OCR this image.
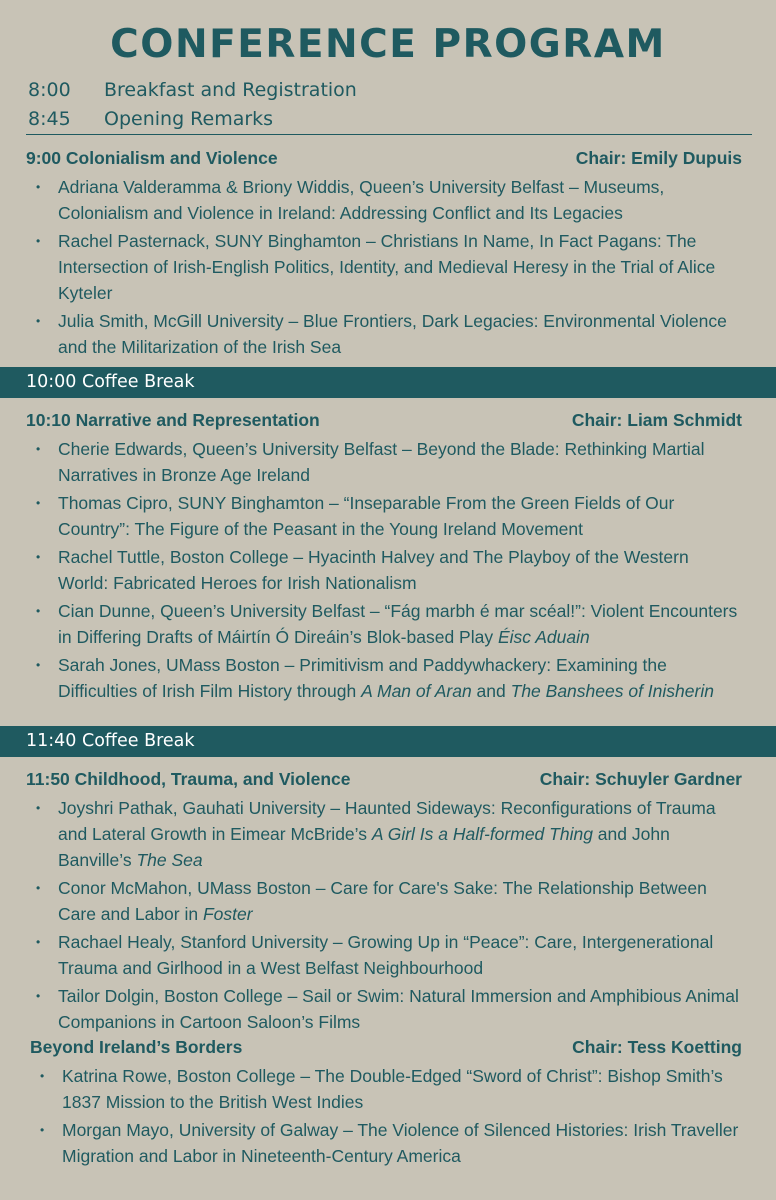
CONFERENCE PROGRAM
8:00	Breakfast and Registration
8:45	Opening Remarks
9:00 Colonialism and Violence	Chair: Emily Dupuis
• Adriana Valderamma & Briony Widdis, Queen’s University Belfast – Museums, Colonialism and Violence in Ireland: Addressing Conflict and Its Legacies
• Rachel Pasternack, SUNY Binghamton – Christians In Name, In Fact Pagans: The Intersection of Irish-English Politics, Identity, and Medieval Heresy in the Trial of Alice Kyteler
• Julia Smith, McGill University – Blue Frontiers, Dark Legacies: Environmental Violence and the Militarization of the Irish Sea
10:00 Coffee Break
10:10 Narrative and Representation	Chair: Liam Schmidt
• Cherie Edwards, Queen’s University Belfast – Beyond the Blade: Rethinking Martial Narratives in Bronze Age Ireland
• Thomas Cipro, SUNY Binghamton – “Inseparable From the Green Fields of Our Country”: The Figure of the Peasant in the Young Ireland Movement
• Rachel Tuttle, Boston College – Hyacinth Halvey and The Playboy of the Western World: Fabricated Heroes for Irish Nationalism
• Cian Dunne, Queen’s University Belfast – “Fág marbh é mar scéal!”: Violent Encounters in Differing Drafts of Máirtín Ó Direáin’s Blok-based Play Éisc Aduain
• Sarah Jones, UMass Boston – Primitivism and Paddywhackery: Examining the Difficulties of Irish Film History through A Man of Aran and The Banshees of Inisherin
11:40 Coffee Break
11:50 Childhood, Trauma, and Violence	Chair: Schuyler Gardner
• Joyshri Pathak, Gauhati University – Haunted Sideways: Reconfigurations of Trauma and Lateral Growth in Eimear McBride’s A Girl Is a Half-formed Thing and John Banville’s The Sea
• Conor McMahon, UMass Boston – Care for Care's Sake: The Relationship Between Care and Labor in Foster
• Rachael Healy, Stanford University – Growing Up in “Peace”: Care, Intergenerational Trauma and Girlhood in a West Belfast Neighbourhood
• Tailor Dolgin, Boston College – Sail or Swim: Natural Immersion and Amphibious Animal Companions in Cartoon Saloon’s Films
Beyond Ireland’s Borders	Chair: Tess Koetting
• Katrina Rowe, Boston College – The Double-Edged “Sword of Christ”: Bishop Smith’s 1837 Mission to the British West Indies
• Morgan Mayo, University of Galway – The Violence of Silenced Histories: Irish Traveller Migration and Labor in Nineteenth-Century America
